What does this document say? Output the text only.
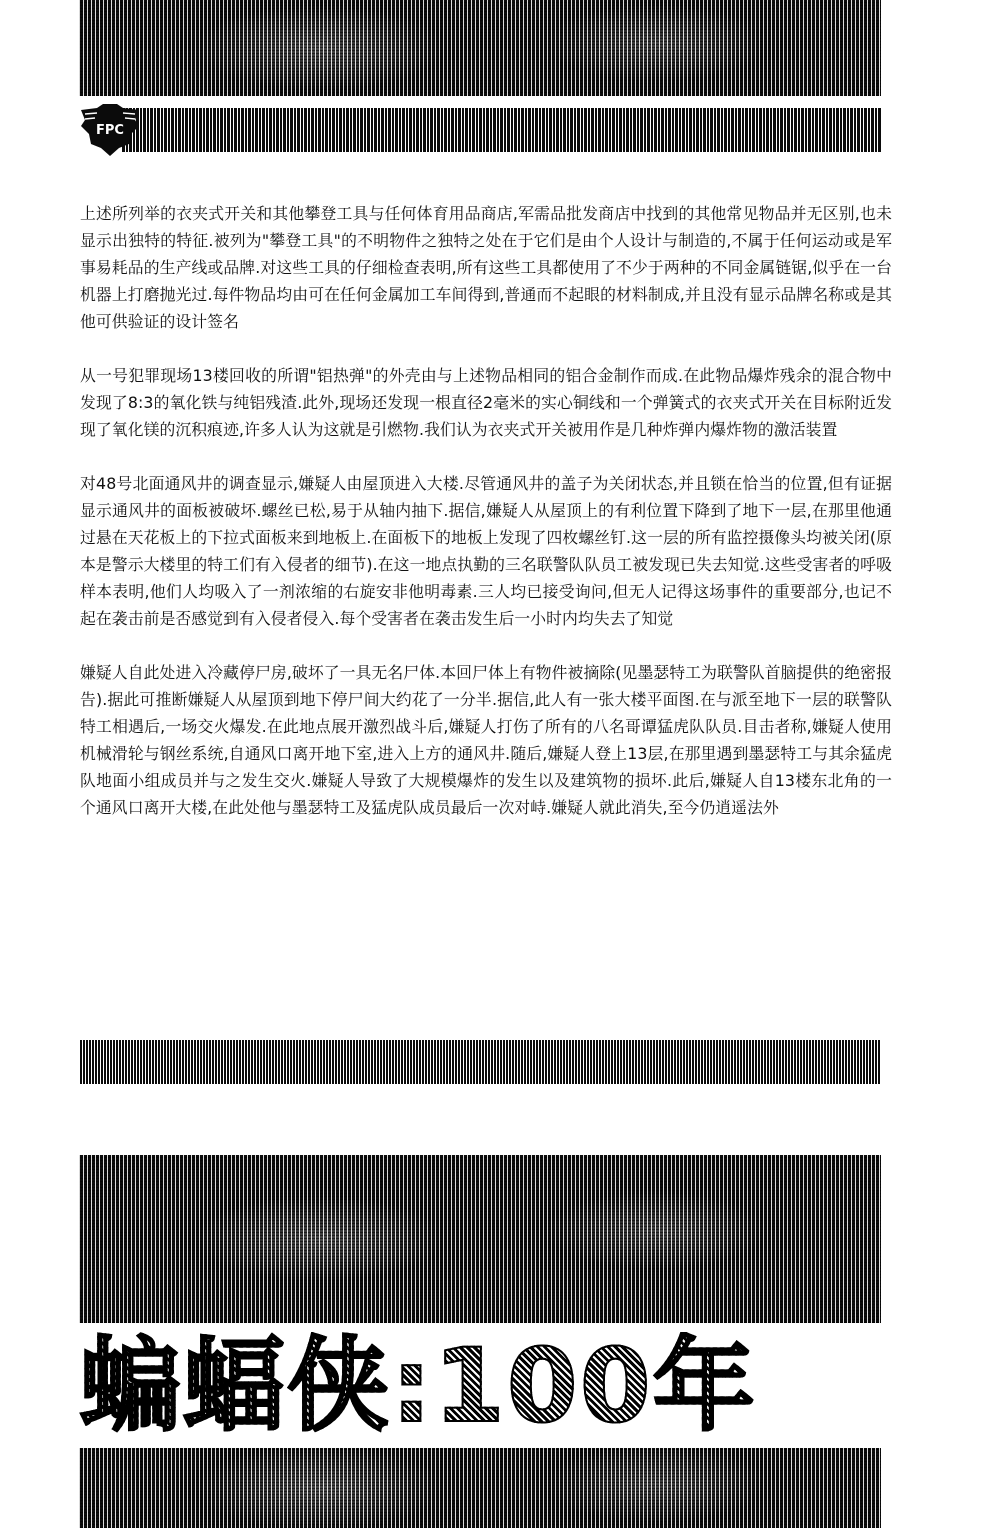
FPC

上述所列举的衣夹式开关和其他攀登工具与任何体育用品商店,军需品批发商店中找到的其他常见物品并无区别,也未显示出独特的特征.被列为"攀登工具"的不明物件之独特之处在于它们是由个人设计与制造的,不属于任何运动或是军事易耗品的生产线或品牌.对这些工具的仔细检查表明,所有这些工具都使用了不少于两种的不同金属链锯,似乎在一台机器上打磨抛光过.每件物品均由可在任何金属加工车间得到,普通而不起眼的材料制成,并且没有显示品牌名称或是其他可供验证的设计签名

从一号犯罪现场13楼回收的所谓"铝热弹"的外壳由与上述物品相同的铝合金制作而成.在此物品爆炸残余的混合物中发现了8:3的氧化铁与纯铝残渣.此外,现场还发现一根直径2毫米的实心铜线和一个弹簧式的衣夹式开关在目标附近发现了氧化镁的沉积痕迹,许多人认为这就是引燃物.我们认为衣夹式开关被用作是几种炸弹内爆炸物的激活装置

对48号北面通风井的调查显示,嫌疑人由屋顶进入大楼.尽管通风井的盖子为关闭状态,并且锁在恰当的位置,但有证据显示通风井的面板被破坏.螺丝已松,易于从轴内抽下.据信,嫌疑人从屋顶上的有利位置下降到了地下一层,在那里他通过悬在天花板上的下拉式面板来到地板上.在面板下的地板上发现了四枚螺丝钉.这一层的所有监控摄像头均被关闭(原本是警示大楼里的特工们有入侵者的细节).在这一地点执勤的三名联警队队员工被发现已失去知觉.这些受害者的呼吸样本表明,他们人均吸入了一剂浓缩的右旋安非他明毒素.三人均已接受询问,但无人记得这场事件的重要部分,也记不起在袭击前是否感觉到有入侵者侵入.每个受害者在袭击发生后一小时内均失去了知觉

嫌疑人自此处进入冷藏停尸房,破坏了一具无名尸体.本回尸体上有物件被摘除(见墨瑟特工为联警队首脑提供的绝密报告).据此可推断嫌疑人从屋顶到地下停尸间大约花了一分半.据信,此人有一张大楼平面图.在与派至地下一层的联警队特工相遇后,一场交火爆发.在此地点展开激烈战斗后,嫌疑人打伤了所有的八名哥谭猛虎队队员.目击者称,嫌疑人使用机械滑轮与钢丝系统,自通风口离开地下室,进入上方的通风井.随后,嫌疑人登上13层,在那里遇到墨瑟特工与其余猛虎队地面小组成员并与之发生交火.嫌疑人导致了大规模爆炸的发生以及建筑物的损坏.此后,嫌疑人自13楼东北角的一个通风口离开大楼,在此处他与墨瑟特工及猛虎队成员最后一次对峙.嫌疑人就此消失,至今仍逍遥法外

蝙蝠侠:100年
